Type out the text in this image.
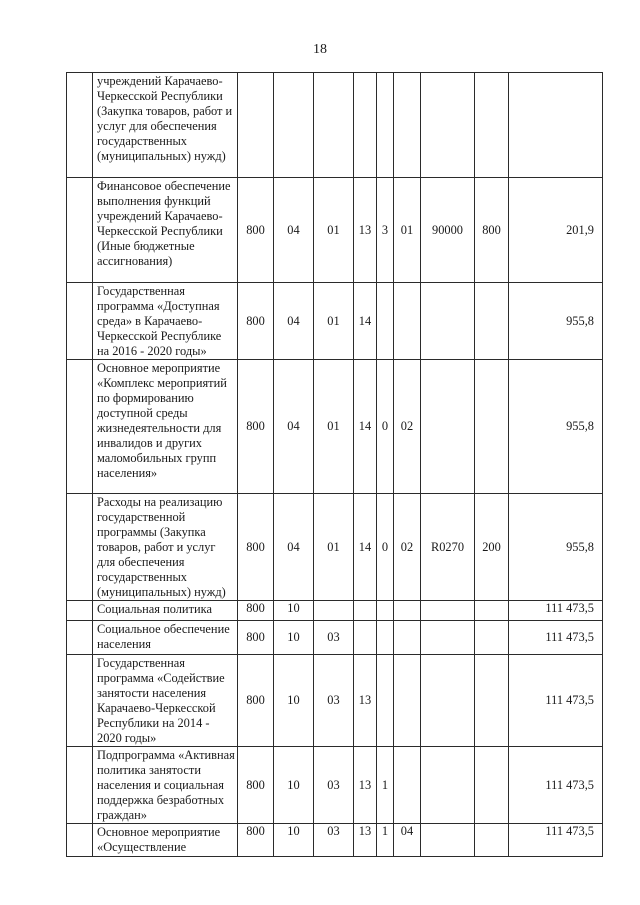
18
	учреждений Карачаево-Черкесской Республики (Закупка товаров, работ и услуг для обеспечения государственных (муниципальных) нужд)									
	Финансовое обеспечение выполнения функций учреждений Карачаево-Черкесской Республики (Иные бюджетные ассигнования)	800	04	01	13	3	01	90000	800	201,9
	Государственная программа «Доступная среда» в Карачаево-Черкесской Республике на 2016 - 2020 годы»	800	04	01	14					955,8
	Основное мероприятие «Комплекс мероприятий по формированию доступной среды жизнедеятельности для инвалидов и других маломобильных групп населения»	800	04	01	14	0	02			955,8
	Расходы на реализацию государственной программы (Закупка товаров, работ и услуг для обеспечения государственных (муниципальных) нужд)	800	04	01	14	0	02	R0270	200	955,8
	Социальная политика	800	10							111 473,5
	Социальное обеспечение населения	800	10	03						111 473,5
	Государственная программа «Содействие занятости населения Карачаево-Черкесской Республики на 2014 - 2020 годы»	800	10	03	13					111 473,5
	Подпрограмма «Активная политика занятости населения и социальная поддержка безработных граждан»	800	10	03	13	1				111 473,5
	Основное мероприятие «Осуществление	800	10	03	13	1	04			111 473,5
